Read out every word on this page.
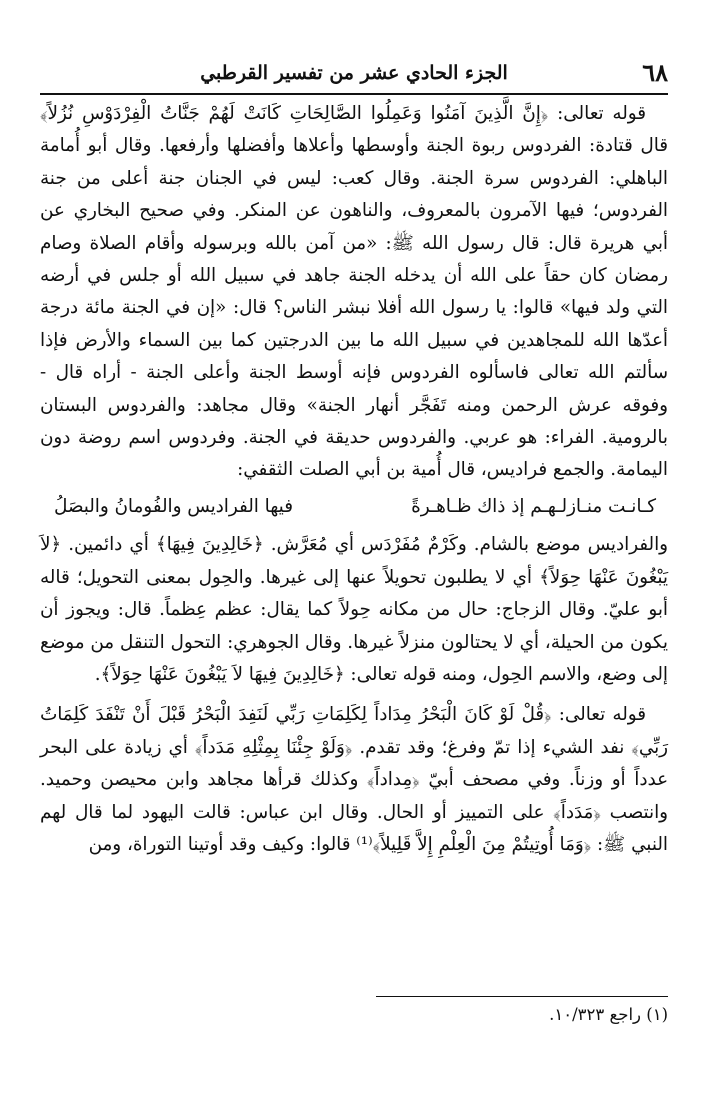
٦٨
الجزء الحادي عشر من تفسير القرطبي

قوله تعالى: ﴿إِنَّ الَّذِينَ آمَنُوا وَعَمِلُوا الصَّالِحَاتِ كَانَتْ لَهُمْ جَنَّاتُ الْفِرْدَوْسِ نُزُلاً﴾ قال قتادة: الفردوس ربوة الجنة وأوسطها وأعلاها وأفضلها وأرفعها. وقال أبو أُمامة الباهلي: الفردوس سرة الجنة. وقال كعب: ليس في الجنان جنة أعلى من جنة الفردوس؛ فيها الآمرون بالمعروف، والناهون عن المنكر. وفي صحيح البخاري عن أبي هريرة قال: قال رسول الله ﷺ: «من آمن بالله وبرسوله وأقام الصلاة وصام رمضان كان حقاً على الله أن يدخله الجنة جاهد في سبيل الله أو جلس في أرضه التي ولد فيها» قالوا: يا رسول الله أفلا نبشر الناس؟ قال: «إن في الجنة مائة درجة أعدّها الله للمجاهدين في سبيل الله ما بين الدرجتين كما بين السماء والأرض فإذا سألتم الله تعالى فاسألوه الفردوس فإنه أوسط الجنة وأعلى الجنة - أراه قال - وفوقه عرش الرحمن ومنه تَفَجَّر أنهار الجنة» وقال مجاهد: والفردوس البستان بالرومية. الفراء: هو عربي. والفردوس حديقة في الجنة. وفردوس اسم روضة دون اليمامة. والجمع فراديس، قال أُمية بن أبي الصلت الثقفي:

كـانـت منـازلـهـم إذ ذاك ظـاهـرةً
فيها الفراديس والفُومانُ والبصَلُ

والفراديس موضع بالشام. وكَرْمٌ مُفَرْدَس أي مُعَرَّش. ﴿خَالِدِينَ فِيهَا﴾ أي دائمين. ﴿لاَ يَبْغُونَ عَنْهَا حِوَلاً﴾ أي لا يطلبون تحويلاً عنها إلى غيرها. والحِول بمعنى التحويل؛ قاله أبو عليّ. وقال الزجاج: حال من مكانه حِولاً كما يقال: عظم عِظماً. قال: ويجوز أن يكون من الحيلة، أي لا يحتالون منزلاً غيرها. وقال الجوهري: التحول التنقل من موضع إلى وضع، والاسم الحِول، ومنه قوله تعالى: ﴿خَالِدِينَ فِيهَا لاَ يَبْغُونَ عَنْهَا حِوَلاً﴾.

قوله تعالى: ﴿قُلْ لَوْ كَانَ الْبَحْرُ مِدَاداً لِكَلِمَاتِ رَبِّي لَنَفِدَ الْبَحْرُ قَبْلَ أَنْ تَنْفَدَ كَلِمَاتُ رَبِّي﴾ نفد الشيء إذا تمّ وفرغ؛ وقد تقدم. ﴿وَلَوْ جِئْنَا بِمِثْلِهِ مَدَداً﴾ أي زيادة على البحر عدداً أو وزناً. وفي مصحف أبيّ ﴿مِداداً﴾ وكذلك قرأها مجاهد وابن محيصن وحميد. وانتصب ﴿مَدَداً﴾ على التمييز أو الحال. وقال ابن عباس: قالت اليهود لما قال لهم النبي ﷺ: ﴿وَمَا أُوتِيتُمْ مِنَ الْعِلْمِ إِلاَّ قَلِيلاً﴾⁽¹⁾ قالوا: وكيف وقد أوتينا التوراة، ومن

(١) راجع ١٠/٣٢٣.
